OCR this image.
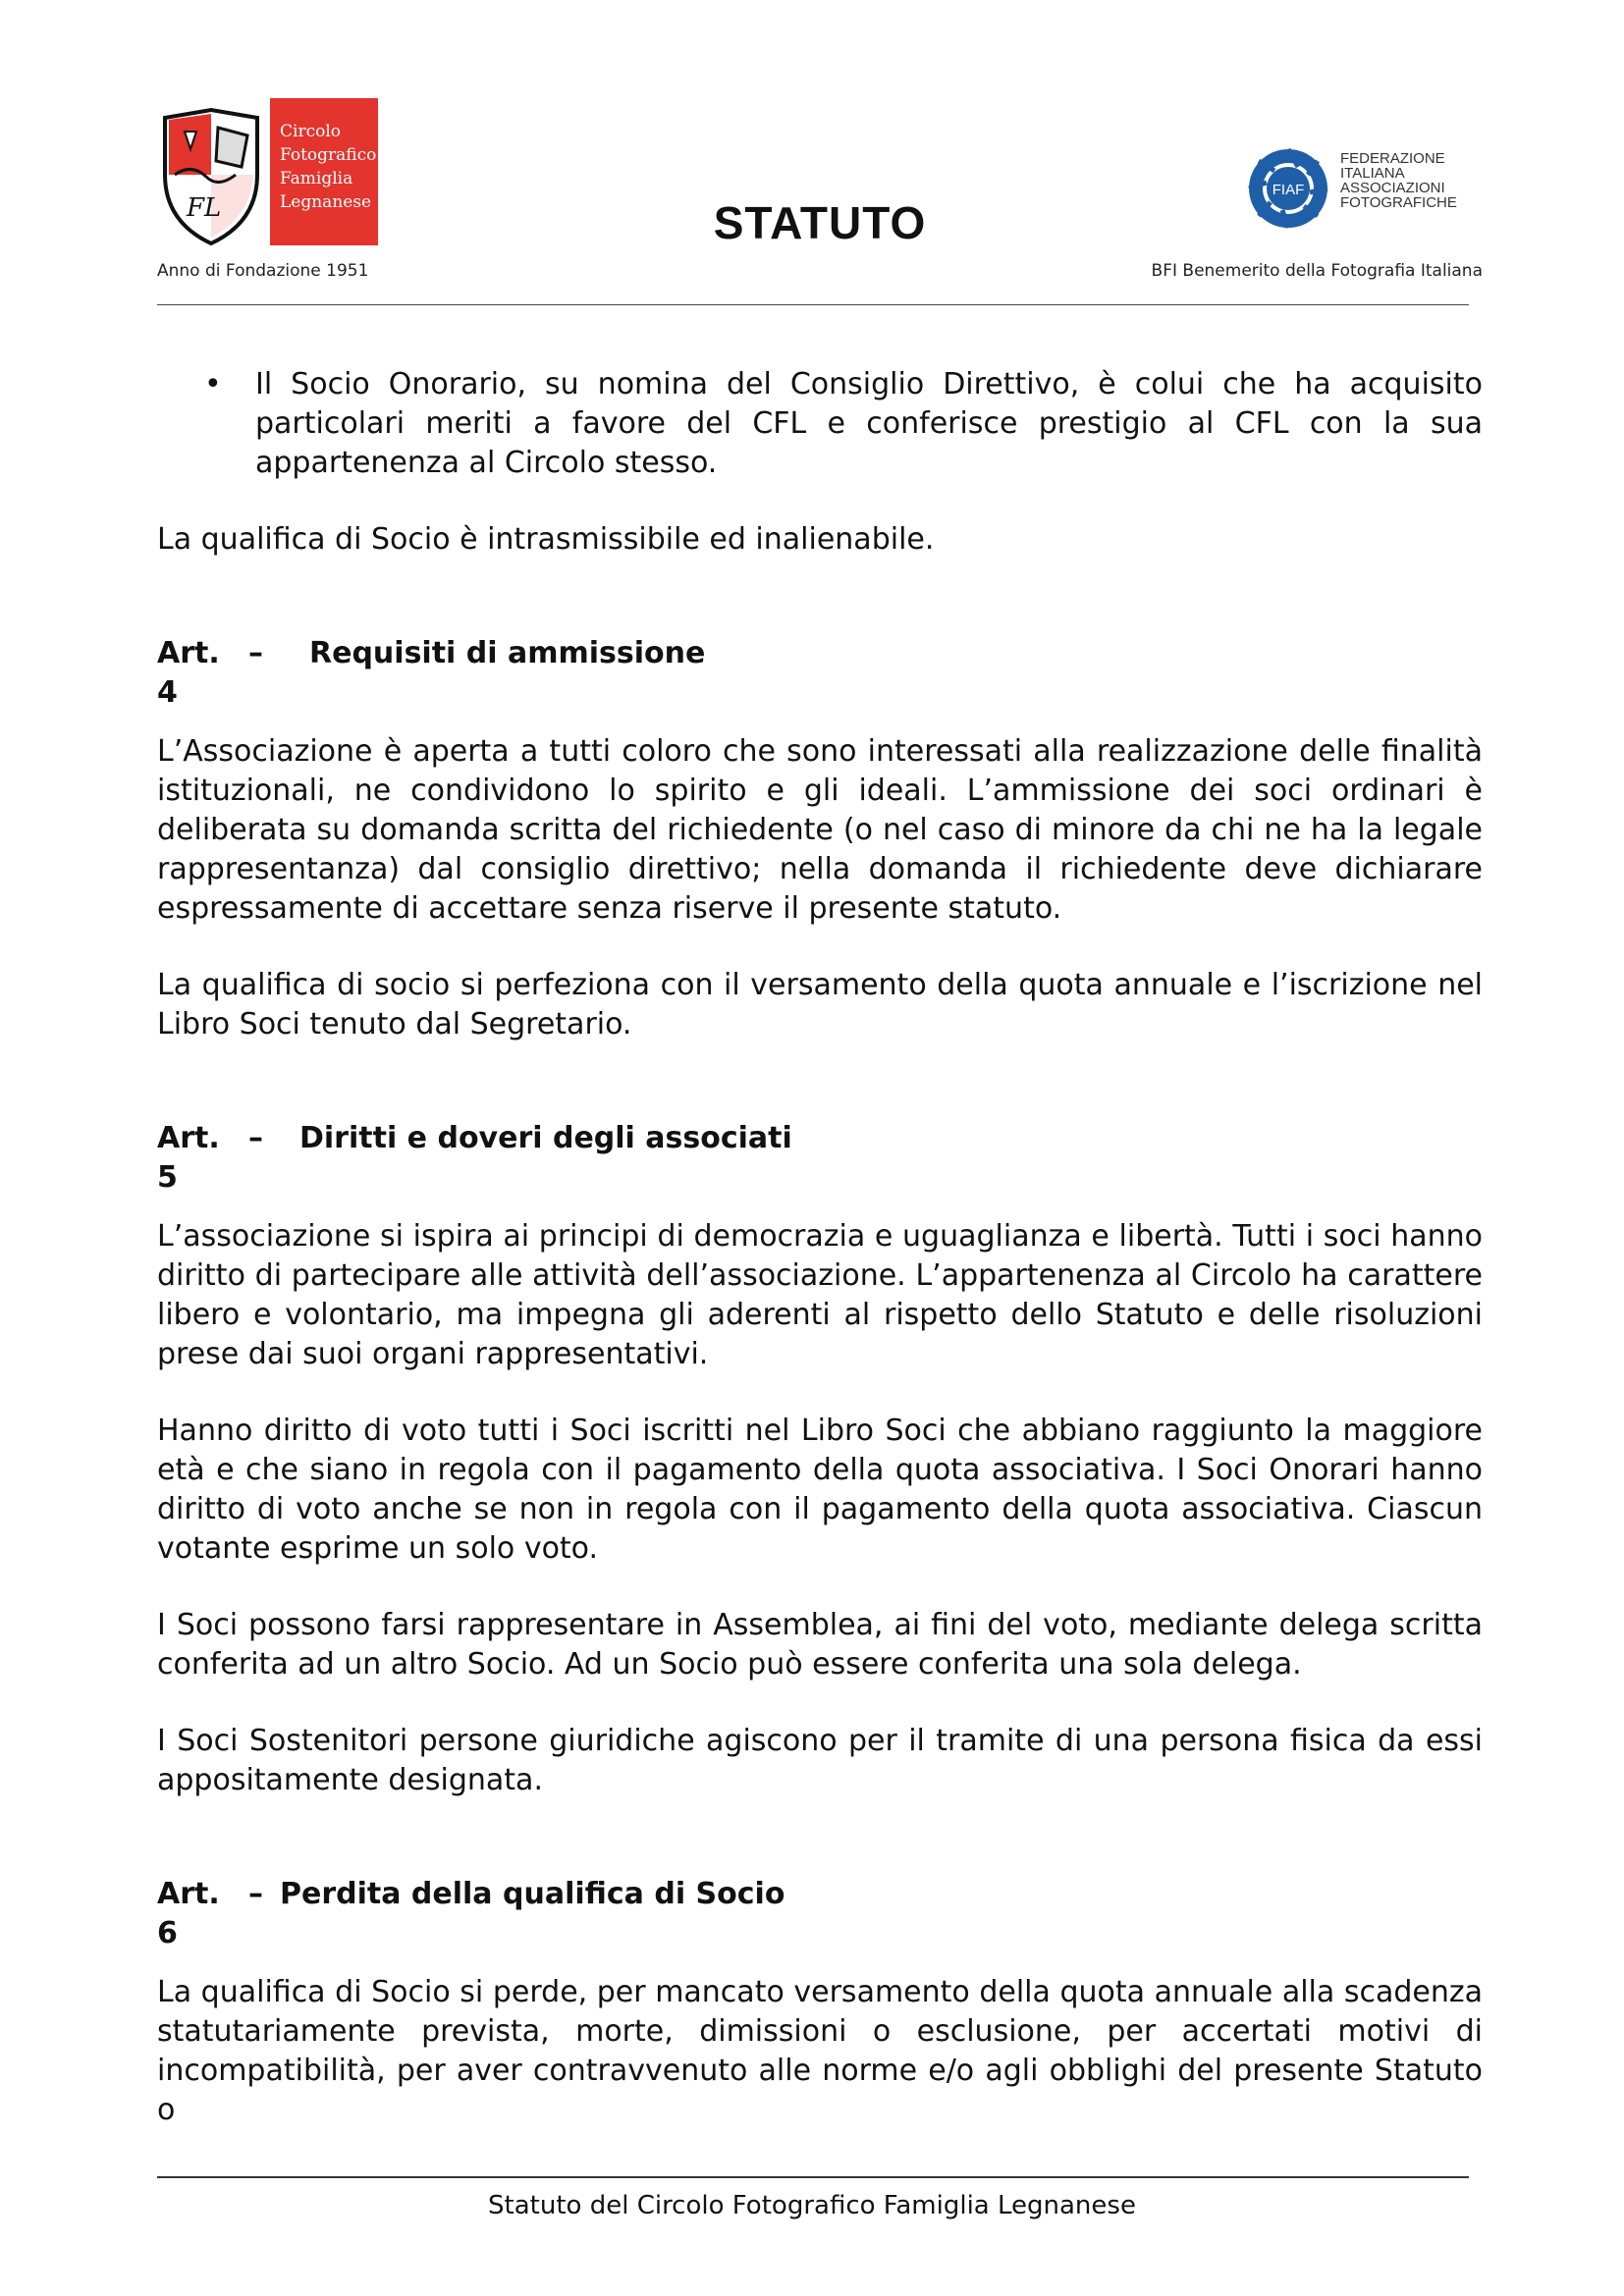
FL
Circolo
Fotografico
Famiglia
Legnanese	STATUTO
FIAF
FEDERAZIONE
ITALIANA
ASSOCIAZIONI
FOTOGRAFICHE
Anno di Fondazione 1951	BFI Benemerito della Fotografia Italiana

• Il Socio Onorario, su nomina del Consiglio Direttivo, è colui che ha acquisito particolari meriti a favore del CFL e conferisce prestigio al CFL con la sua appartenenza al Circolo stesso.

La qualifica di Socio è intrasmissibile ed inalienabile.

Art. 4
–	Requisiti di ammissione

L’Associazione è aperta a tutti coloro che sono interessati alla realizzazione delle finalità istituzionali, ne condividono lo spirito e gli ideali. L’ammissione dei soci ordinari è deliberata su domanda scritta del richiedente (o nel caso di minore da chi ne ha la legale rappresentanza) dal consiglio direttivo; nella domanda il richiedente deve dichiarare espressamente di accettare senza riserve il presente statuto.

La qualifica di socio si perfeziona con il versamento della quota annuale e l’iscrizione nel Libro Soci tenuto dal Segretario.

Art. 5
–	Diritti e doveri degli associati

L’associazione si ispira ai principi di democrazia e uguaglianza e libertà. Tutti i soci hanno diritto di partecipare alle attività dell’associazione. L’appartenenza al Circolo ha carattere libero e volontario, ma impegna gli aderenti al rispetto dello Statuto e delle risoluzioni prese dai suoi organi rappresentativi.

Hanno diritto di voto tutti i Soci iscritti nel Libro Soci che abbiano raggiunto la maggiore età e che siano in regola con il pagamento della quota associativa. I Soci Onorari hanno diritto di voto anche se non in regola con il pagamento della quota associativa. Ciascun votante esprime un solo voto.

I Soci possono farsi rappresentare in Assemblea, ai fini del voto, mediante delega scritta conferita ad un altro Socio. Ad un Socio può essere conferita una sola delega.

I Soci Sostenitori persone giuridiche agiscono per il tramite di una persona fisica da essi appositamente designata.

Art. 6
– Perdita della qualifica di Socio

La qualifica di Socio si perde, per mancato versamento della quota annuale alla scadenza statutariamente prevista, morte, dimissioni o esclusione, per accertati motivi di incompatibilità, per aver contravvenuto alle norme e/o agli obblighi del presente Statuto o

Statuto del Circolo Fotografico Famiglia Legnanese
